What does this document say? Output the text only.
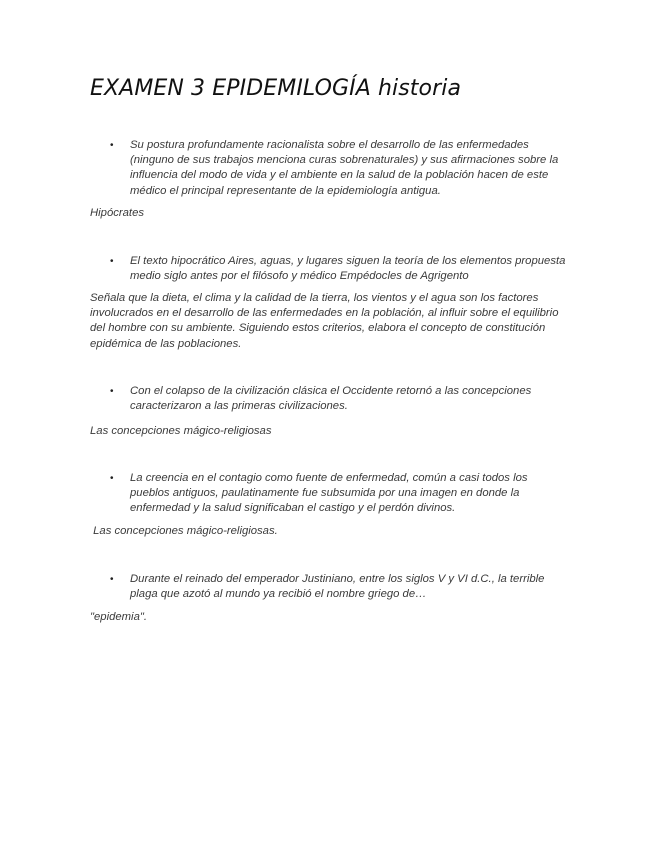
EXAMEN 3 EPIDEMILOGÍA historia
• Su postura profundamente racionalista sobre el desarrollo de las enfermedades (ninguno de sus trabajos menciona curas sobrenaturales) y sus afirmaciones sobre la influencia del modo de vida y el ambiente en la salud de la población hacen de este médico el principal representante de la epidemiología antigua.

Hipócrates

• El texto hipocrático Aires, aguas, y lugares siguen la teoría de los elementos propuesta medio siglo antes por el filósofo y médico Empédocles de Agrigento

Señala que la dieta, el clima y la calidad de la tierra, los vientos y el agua son los factores involucrados en el desarrollo de las enfermedades en la población, al influir sobre el equilibrio del hombre con su ambiente. Siguiendo estos criterios, elabora el concepto de constitución epidémica de las poblaciones.

• Con el colapso de la civilización clásica el Occidente retornó a las concepciones caracterizaron a las primeras civilizaciones.

Las concepciones mágico-religiosas

• La creencia en el contagio como fuente de enfermedad, común a casi todos los pueblos antiguos, paulatinamente fue subsumida por una imagen en donde la enfermedad y la salud significaban el castigo y el perdón divinos.

Las concepciones mágico-religiosas.

• Durante el reinado del emperador Justiniano, entre los siglos V y VI d.C., la terrible plaga que azotó al mundo ya recibió el nombre griego de…

"epidemia".
